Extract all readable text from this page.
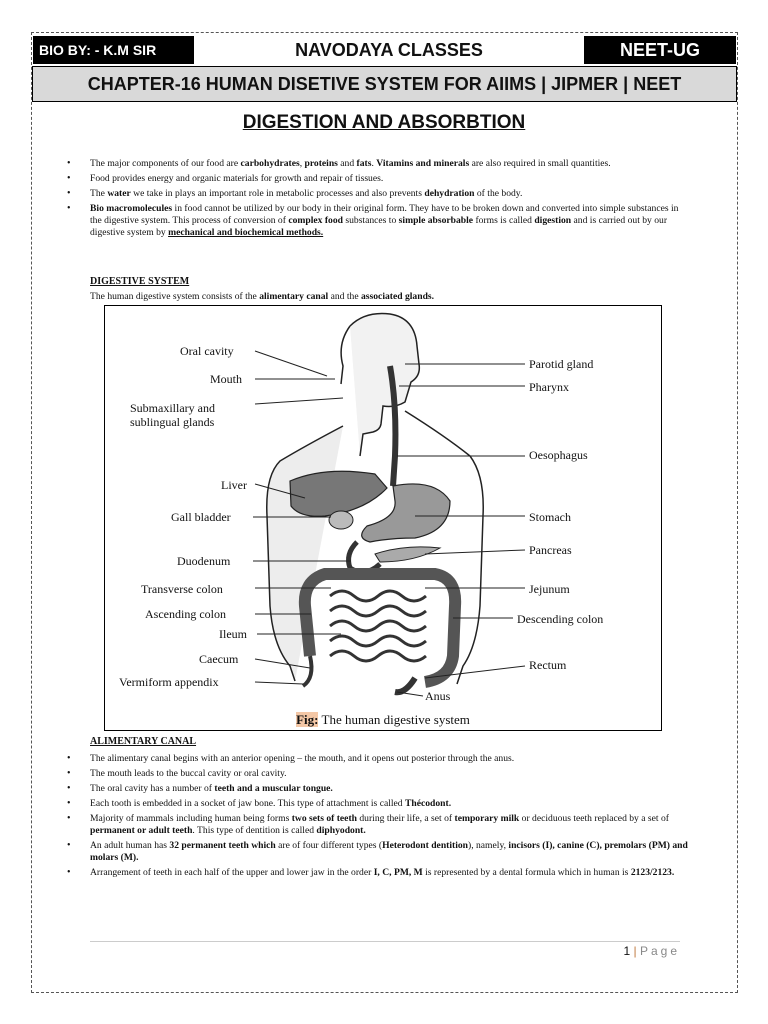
BIO BY: - K.M SIR	NAVODAYA CLASSES	NEET-UG
CHAPTER-16 HUMAN DISETIVE SYSTEM FOR AIIMS | JIPMER | NEET
DIGESTION AND ABSORBTION
• The major components of our food are carbohydrates, proteins and fats. Vitamins and minerals are also required in small quantities.
• Food provides energy and organic materials for growth and repair of tissues.
• The water we take in plays an important role in metabolic processes and also prevents dehydration of the body.
• Bio macromolecules in food cannot be utilized by our body in their original form. They have to be broken down and converted into simple substances in the digestive system. This process of conversion of complex food substances to simple absorbable forms is called digestion and is carried out by our digestive system by mechanical and biochemical methods.
DIGESTIVE SYSTEM
The human digestive system consists of the alimentary canal and the associated glands.
Oral cavity
Mouth
Submaxillary and
sublingual glands
Liver
Gall bladder
Duodenum
Transverse colon
Ascending colon
Ileum
Caecum
Vermiform appendix
Parotid gland
Pharynx
Oesophagus
Stomach
Pancreas
Jejunum
Descending colon
Rectum
Anus
Fig: The human digestive system
ALIMENTARY CANAL
• The alimentary canal begins with an anterior opening – the mouth, and it opens out posterior through the anus.
• The mouth leads to the buccal cavity or oral cavity.
• The oral cavity has a number of teeth and a muscular tongue.
• Each tooth is embedded in a socket of jaw bone. This type of attachment is called Thécodont.
• Majority of mammals including human being forms two sets of teeth during their life, a set of temporary milk or deciduous teeth replaced by a set of permanent or adult teeth. This type of dentition is called diphyodont.
• An adult human has 32 permanent teeth which are of four different types (Heterodont dentition), namely, incisors (I), canine (C), premolars (PM) and molars (M).
• Arrangement of teeth in each half of the upper and lower jaw in the order I, C, PM, M is represented by a dental formula which in human is 2123/2123.
1 | Page
